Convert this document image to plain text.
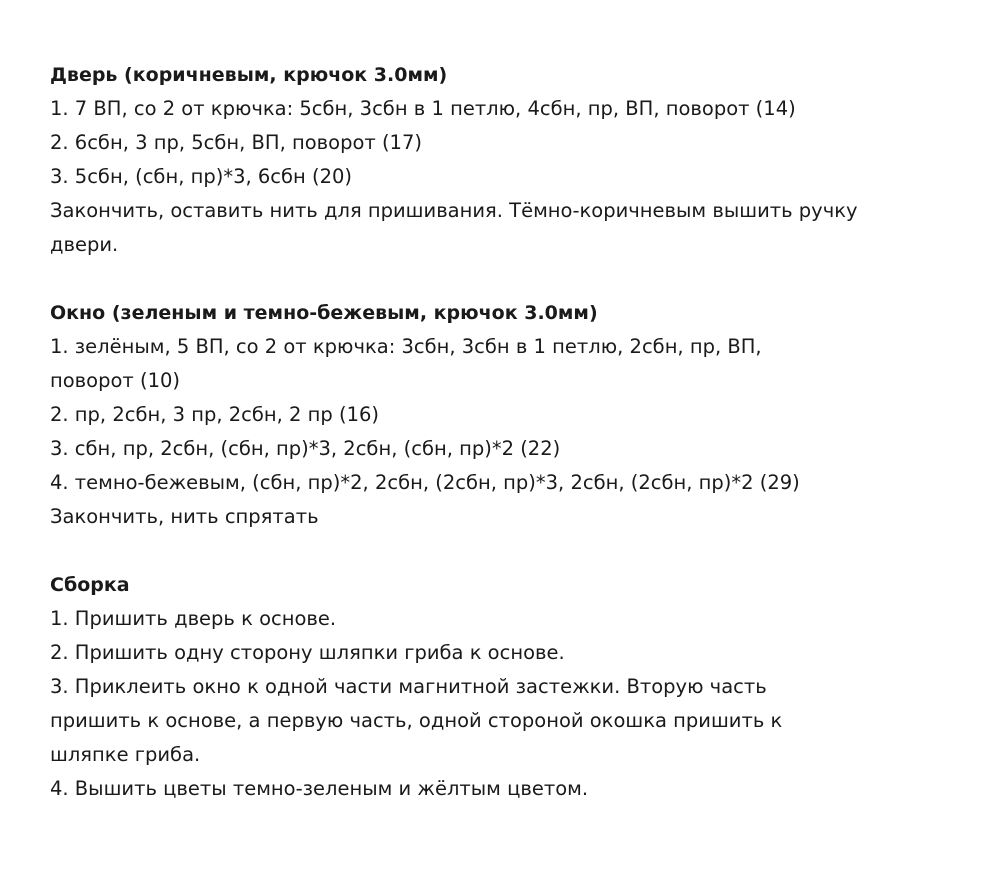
Дверь (коричневым, крючок 3.0мм)
1. 7 ВП, со 2 от крючка: 5сбн, 3сбн в 1 петлю, 4сбн, пр, ВП, поворот (14)
2. 6сбн, 3 пр, 5сбн, ВП, поворот (17)
3. 5сбн, (сбн, пр)*3, 6сбн (20)
Закончить, оставить нить для пришивания. Тёмно-коричневым вышить ручку
двери.
Окно (зеленым и темно-бежевым, крючок 3.0мм)
1. зелёным, 5 ВП, со 2 от крючка: 3сбн, 3сбн в 1 петлю, 2сбн, пр, ВП,
поворот (10)
2. пр, 2сбн, 3 пр, 2сбн, 2 пр (16)
3. сбн, пр, 2сбн, (сбн, пр)*3, 2сбн, (сбн, пр)*2 (22)
4. темно-бежевым, (сбн, пр)*2, 2сбн, (2сбн, пр)*3, 2сбн, (2сбн, пр)*2 (29)
Закончить, нить спрятать
Сборка
1. Пришить дверь к основе.
2. Пришить одну сторону шляпки гриба к основе.
3. Приклеить окно к одной части магнитной застежки. Вторую часть
пришить к основе, а первую часть, одной стороной окошка пришить к
шляпке гриба.
4. Вышить цветы темно-зеленым и жёлтым цветом.
